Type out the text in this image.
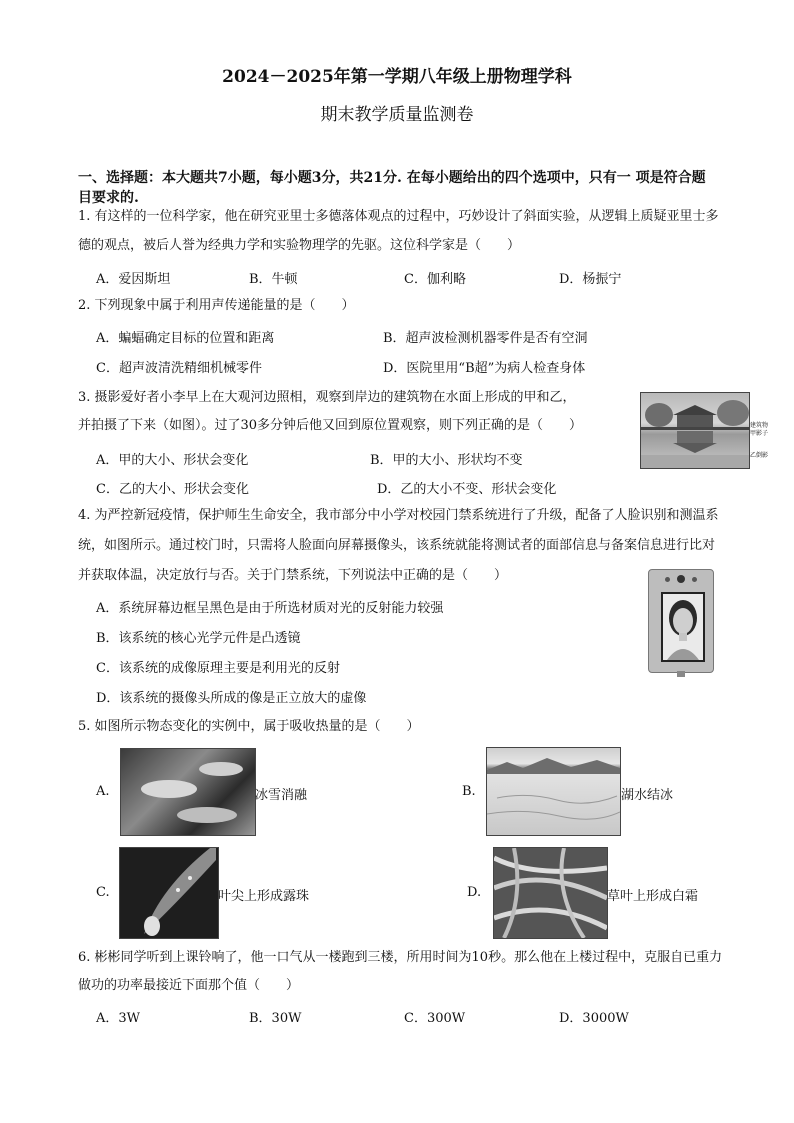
2024－2025年第一学期八年级上册物理学科
期末教学质量监测卷
一、选择题：本大题共7小题，每小题3分，共21分. 在每小题给出的四个选项中，只有一 项是符合题
目要求的.
1. 有这样的一位科学家，他在研究亚里士多德落体观点的过程中，巧妙设计了斜面实验，从逻辑上质疑亚里士多
德的观点，被后人誉为经典力学和实验物理学的先驱。这位科学家是（　　）
A．爱因斯坦	B．牛顿	C．伽利略	D．杨振宁
2. 下列现象中属于利用声传递能量的是（　　）
A．蝙蝠确定目标的位置和距离	B．超声波检测机器零件是否有空洞
C．超声波清洗精细机械零件	D．医院里用“B超”为病人检查身体
3. 摄影爱好者小李早上在大观河边照相，观察到岸边的建筑物在水面上形成的甲和乙，
并拍摄了下来（如图）。过了30多分钟后他又回到原位置观察，则下列正确的是（　　）
A．甲的大小、形状会变化	B．甲的大小、形状均不变
C．乙的大小、形状会变化	D．乙的大小不变、形状会变化
建筑物
甲影子
乙倒影
4. 为严控新冠疫情，保护师生生命安全，我市部分中小学对校园门禁系统进行了升级，配备了人脸识别和测温系
统，如图所示。通过校门时，只需将人脸面向屏幕摄像头，该系统就能将测试者的面部信息与备案信息进行比对
并获取体温，决定放行与否。关于门禁系统，下列说法中正确的是（　　）
A．系统屏幕边框呈黑色是由于所选材质对光的反射能力较强
B．该系统的核心光学元件是凸透镜
C．该系统的成像原理主要是利用光的反射
D．该系统的摄像头所成的像是正立放大的虚像
5. 如图所示物态变化的实例中，属于吸收热量的是（　　）
A.	冰雪消融	B.	湖水结冰
C.	叶尖上形成露珠	D.	草叶上形成白霜
6. 彬彬同学听到上课铃响了，他一口气从一楼跑到三楼，所用时间为10秒。那么他在上楼过程中，克服自已重力
做功的功率最接近下面那个值（　　）
A．3W	B．30W	C．300W	D．3000W
